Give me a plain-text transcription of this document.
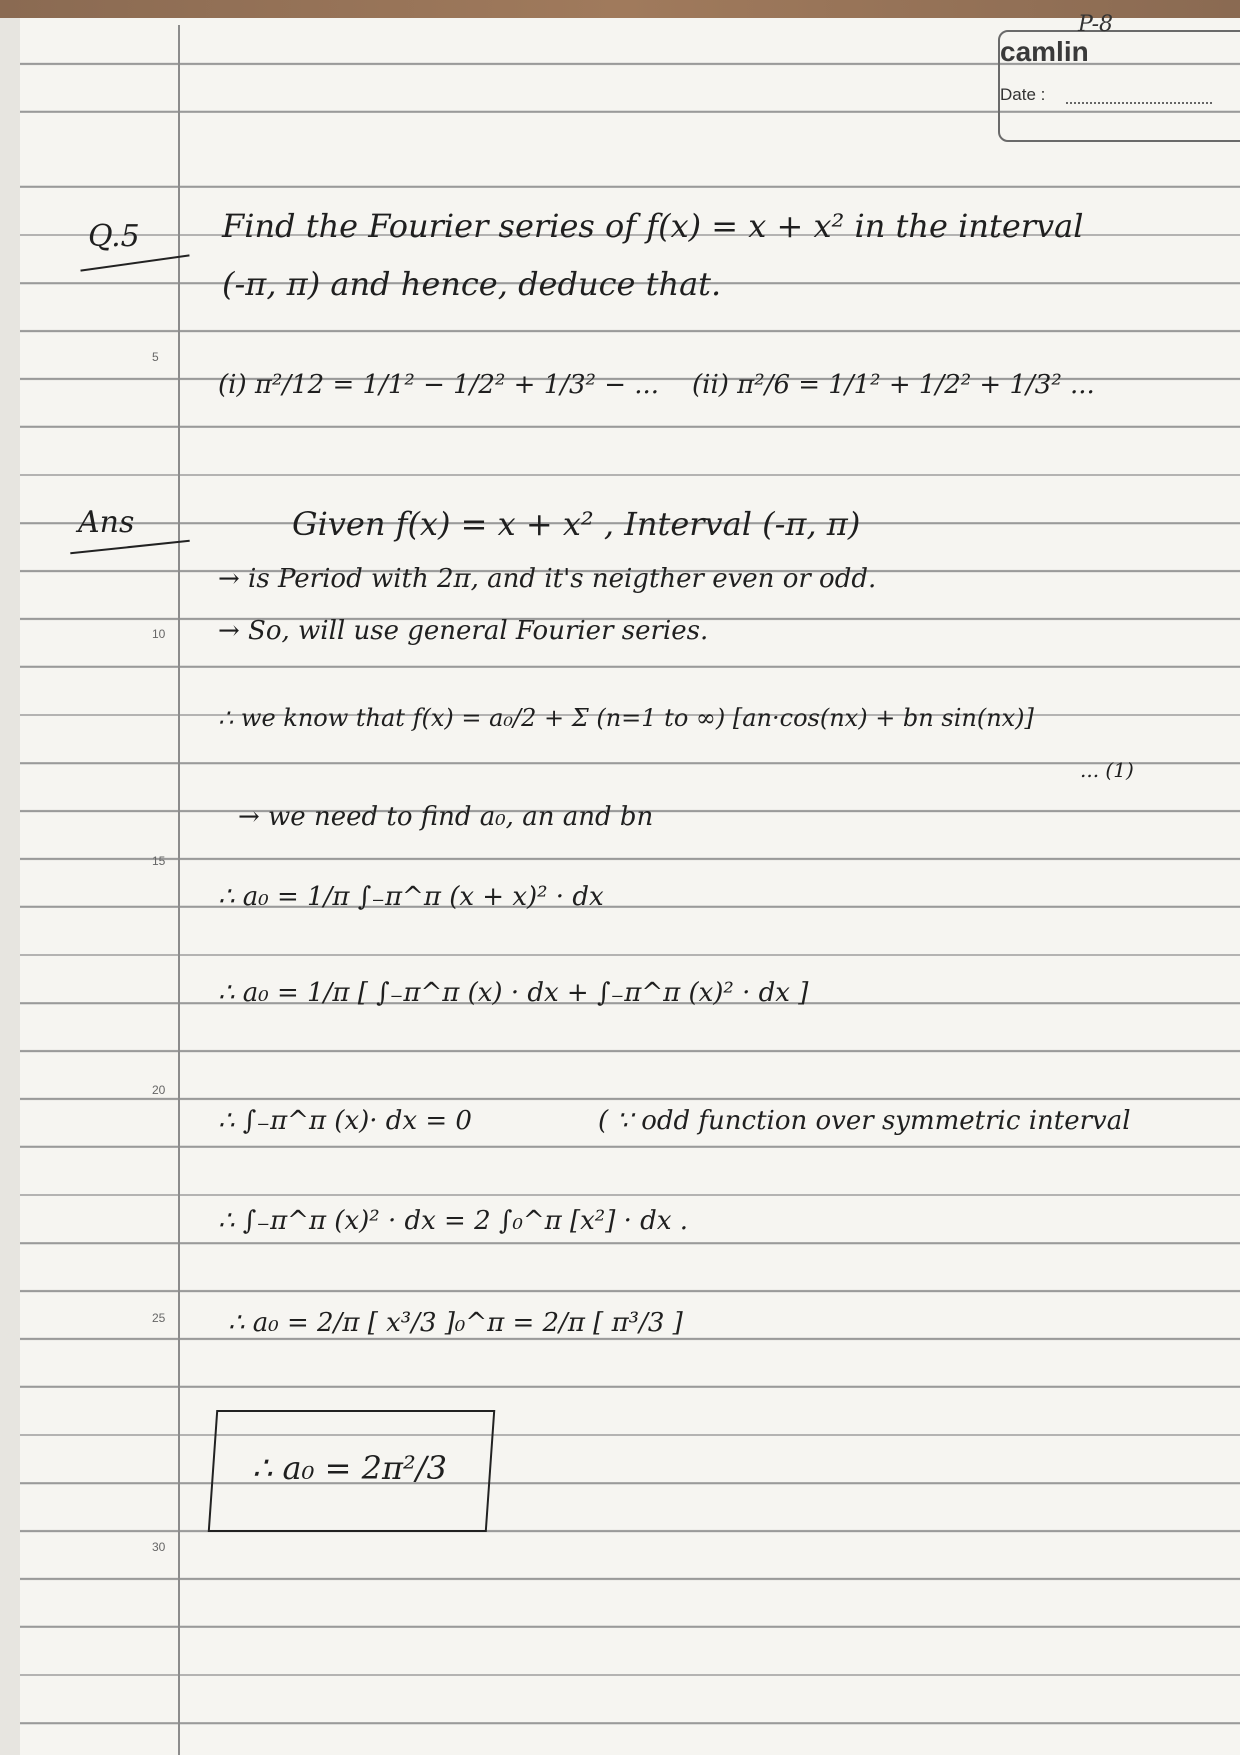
camlin
P-8
Date :
5
10
15
20
25
30
Q.5	Find the Fourier series of f(x) = x + x² in the interval
(-π, π) and hence, deduce that.
(i) π²/12 = 1/1² − 1/2² + 1/3² − ... (ii) π²/6 = 1/1² + 1/2² + 1/3² ...
Ans	Given f(x) = x + x² , Interval (-π, π)
→ is Period with 2π, and it's neigther even or odd.
→ So, will use general Fourier series.
∴ we know that f(x) = a₀/2 + Σ (n=1 to ∞) [an·cos(nx) + bn sin(nx)]
... (1)
→ we need to find a₀, an and bn
∴ a₀ = 1/π ∫₋π^π (x + x)² · dx
∴ a₀ = 1/π [ ∫₋π^π (x) · dx + ∫₋π^π (x)² · dx ]
∴ ∫₋π^π (x)· dx = 0	( ∵ odd function over symmetric interval
∴ ∫₋π^π (x)² · dx = 2 ∫₀^π [x²] · dx .
∴ a₀ = 2/π [ x³/3 ]₀^π = 2/π [ π³/3 ]
∴ a₀ = 2π²/3
